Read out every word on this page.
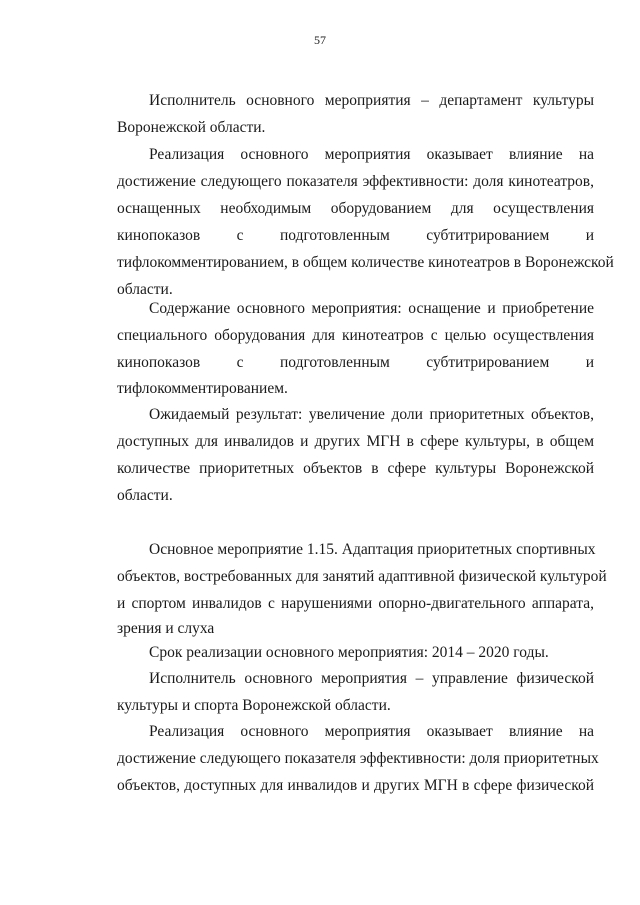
57
Исполнитель основного мероприятия – департамент культуры
Воронежской области.
Реализация основного мероприятия оказывает влияние на
достижение следующего показателя эффективности: доля кинотеатров,
оснащенных необходимым оборудованием для осуществления
кинопоказов с подготовленным субтитрированием и
тифлокомментированием, в общем количестве кинотеатров в Воронежской
области.
Содержание основного мероприятия: оснащение и приобретение
специального оборудования для кинотеатров с целью осуществления
кинопоказов с подготовленным субтитрированием и
тифлокомментированием.
Ожидаемый результат: увеличение доли приоритетных объектов,
доступных для инвалидов и других МГН в сфере культуры, в общем
количестве приоритетных объектов в сфере культуры Воронежской
области.
Основное мероприятие 1.15. Адаптация приоритетных спортивных
объектов, востребованных для занятий адаптивной физической культурой
и спортом инвалидов с нарушениями опорно-двигательного аппарата,
зрения и слуха
Срок реализации основного мероприятия: 2014 – 2020 годы.
Исполнитель основного мероприятия – управление физической
культуры и спорта Воронежской области.
Реализация основного мероприятия оказывает влияние на
достижение следующего показателя эффективности: доля приоритетных
объектов, доступных для инвалидов и других МГН в сфере физической
